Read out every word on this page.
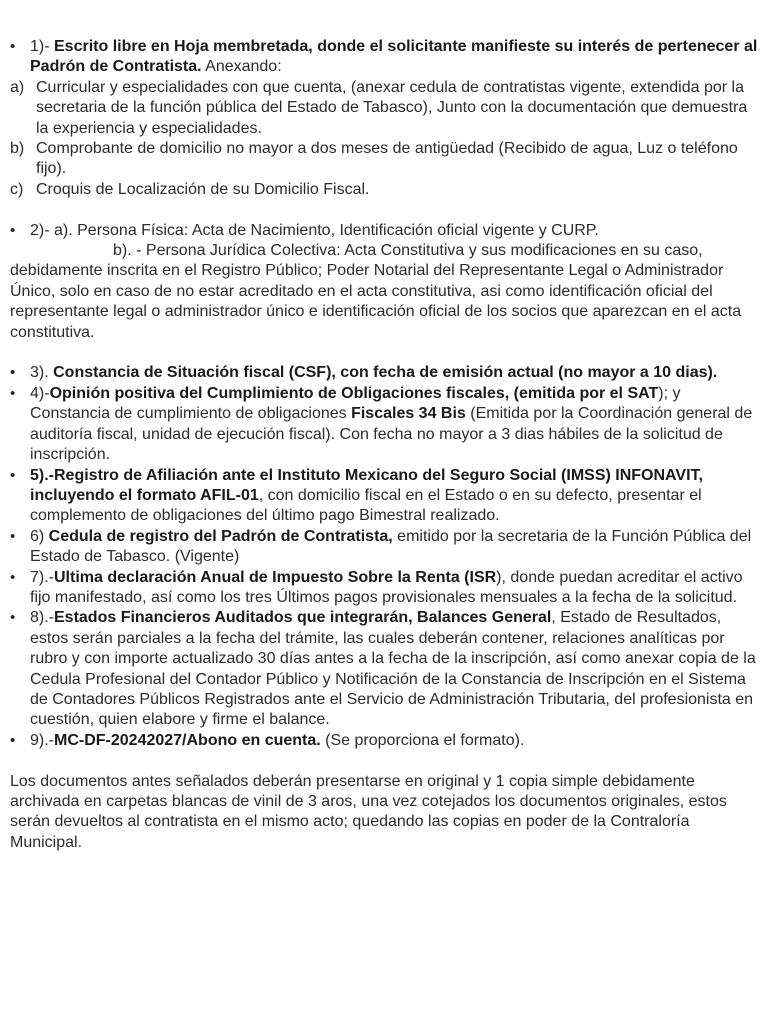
• 1)- Escrito libre en Hoja membretada, donde el solicitante manifieste su interés de pertenecer al Padrón de Contratista. Anexando:
a) Curricular y especialidades con que cuenta, (anexar cedula de contratistas vigente, extendida por la secretaria de la función pública del Estado de Tabasco), Junto con la documentación que demuestra la experiencia y especialidades.
b) Comprobante de domicilio no mayor a dos meses de antigüedad (Recibido de agua, Luz o teléfono fijo).
c) Croquis de Localización de su Domicilio Fiscal.
• 2)- a). Persona Física: Acta de Nacimiento, Identificación oficial vigente y CURP.
b). - Persona Jurídica Colectiva: Acta Constitutiva y sus modificaciones en su caso,
debidamente inscrita en el Registro Público; Poder Notarial del Representante Legal o Administrador Único, solo en caso de no estar acreditado en el acta constitutiva, asi como identificación oficial del representante legal o administrador único e identificación oficial de los socios que aparezcan en el acta constitutiva.
• 3). Constancia de Situación fiscal (CSF), con fecha de emisión actual (no mayor a 10 dias).
• 4)-Opinión positiva del Cumplimiento de Obligaciones fiscales, (emitida por el SAT); y Constancia de cumplimiento de obligaciones Fiscales 34 Bis (Emitida por la Coordinación general de auditoría fiscal, unidad de ejecución fiscal). Con fecha no mayor a 3 dias hábiles de la solicitud de inscripción.
• 5).-Registro de Afiliación ante el Instituto Mexicano del Seguro Social (IMSS) INFONAVIT, incluyendo el formato AFIL-01, con domicilio fiscal en el Estado o en su defecto, presentar el complemento de obligaciones del último pago Bimestral realizado.
• 6) Cedula de registro del Padrón de Contratista, emitido por la secretaria de la Función Pública del Estado de Tabasco. (Vigente)
• 7).-Ultima declaración Anual de Impuesto Sobre la Renta (ISR), donde puedan acreditar el activo fijo manifestado, así como los tres Últimos pagos provisionales mensuales a la fecha de la solicitud.
• 8).-Estados Financieros Auditados que integrarán, Balances General, Estado de Resultados, estos serán parciales a la fecha del trámite, las cuales deberán contener, relaciones analíticas por rubro y con importe actualizado 30 días antes a la fecha de la inscripción, así como anexar copia de la Cedula Profesional del Contador Público y Notificación de la Constancia de Inscripción en el Sistema de Contadores Públicos Registrados ante el Servicio de Administración Tributaria, del profesionista en cuestión, quien elabore y firme el balance.
• 9).-MC-DF-20242027/Abono en cuenta. (Se proporciona el formato).
Los documentos antes señalados deberán presentarse en original y 1 copia simple debidamente archivada en carpetas blancas de vinil de 3 aros, una vez cotejados los documentos originales, estos serán devueltos al contratista en el mismo acto; quedando las copias en poder de la Contraloría Municipal.
